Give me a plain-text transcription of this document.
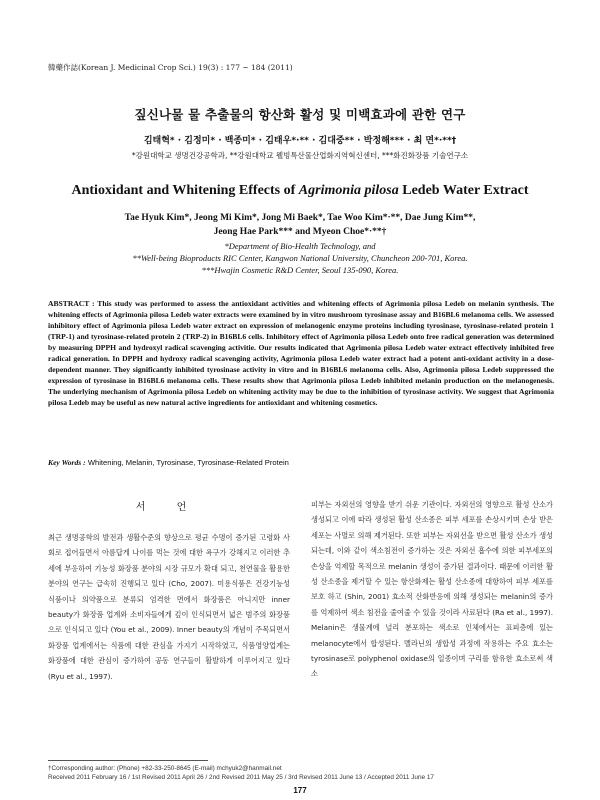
韓藥作誌(Korean J. Medicinal Crop Sci.) 19(3) : 177 ~ 184 (2011)
짚신나물 물 추출물의 항산화 활성 및 미백효과에 관한 연구
김태혁* · 김정미* · 백종미* · 김태우*·** · 김대중** · 박정해*** · 최 면*·**†
*강원대학교 생명건강공학과, **강원대학교 웰빙특산물산업화지역혁신센터, ***화진화장품 기술연구소
Antioxidant and Whitening Effects of Agrimonia pilosa Ledeb Water Extract
Tae Hyuk Kim*, Jeong Mi Kim*, Jong Mi Baek*, Tae Woo Kim*·**, Dae Jung Kim**,
Jeong Hae Park*** and Myeon Choe*·**†
*Department of Bio-Health Technology, and
**Well-being Bioproducts RIC Center, Kangwon National University, Chuncheon 200-701, Korea.
***Hwajin Cosmetic R&D Center, Seoul 135-090, Korea.
ABSTRACT : This study was performed to assess the antioxidant activities and whitening effects of Agrimonia pilosa Ledeb on melanin synthesis. The whitening effects of Agrimonia pilosa Ledeb water extracts were examined by in vitro mushroom tyrosinase assay and B16BL6 melanoma cells. We assessed inhibitory effect of Agrimonia pilosa Ledeb water extract on expression of melanogenic enzyme proteins including tyrosinase, tyrosinase-related protein 1 (TRP-1) and tyrosinase-related protein 2 (TRP-2) in B16BL6 cells. Inhibitory effect of Agrimonia pilosa Ledeb onto free radical generation was determined by measuring DPPH and hydroxyl radical scavenging activitie. Our results indicated that Agrimonia pilosa Ledeb water extract effectively inhibited free radical generation. In DPPH and hydroxy radical scavenging activity, Agrimonia pilosa Ledeb water extract had a potent anti-oxidant activity in a dose-dependent manner. They significantly inhibited tyrosinase activity in vitro and in B16BL6 melanoma cells. Also, Agrimonia pilosa Ledeb suppressed the expression of tyrosinase in B16BL6 melanoma cells. These results show that Agrimonia pilosa Ledeb inhibited melanin production on the melanogenesis. The underlying mechanism of Agrimonia pilosa Ledeb on whitening activity may be due to the inhibition of tyrosinase activity. We suggest that Agrimonia pilosa Ledeb may be useful as new natural active ingredients for antioxidant and whitening cosmetics.
Key Words : Whitening, Melanin, Tyrosinase, Tyrosinase-Related Protein
서 언
최근 생명공학의 발전과 생활수준의 향상으로 평균 수명이 증가된 고령화 사회로 접어들면서 아름답게 나이를 먹는 것에 대한 욕구가 강해지고 이러한 추세에 부응하여 기능성 화장품 분야의 시장 규모가 확대 되고, 천연물을 활용한 분야의 연구는 급속히 진행되고 있다 (Cho, 2007). 미용식품은 건강기능성 식품이나 의약품으로 분류되 엄격한 면에서 화장품은 아니지만 inner beauty가 화장품 업계와 소비자들에게 깊이 인식되면서 넓은 범주의 화장품으로 인식되고 있다 (You et al., 2009). Inner beauty의 개념이 주목되면서 화장품 업계에서는 식품에 대한 관심을 가지기 시작하였고, 식품영양업계는 화장품에 대한 관심이 증가하여 공동 연구들이 활발하게 이루어지고 있다 (Ryu et al., 1997).
피부는 자외선의 영향을 받기 쉬운 기관이다. 자외선의 영향으로 활성 산소가 생성되고 이에 따라 생성된 활성 산소종은 피부 세포를 손상시키며 손상 받은 세포는 사멸로 의해 제거된다. 또한 피부는 자외선을 받으면 활성 산소가 생성되는데, 이와 같이 색소침전이 증가하는 것은 자외선 흡수에 의한 피부세포의 손상을 억제할 목적으로 melanin 생성이 증가된 결과이다. 때문에 이러한 활성 산소종을 제거할 수 있는 항산화제는 활성 산소종에 대항하여 피부 세포를 보호 하고 (Shin, 2001) 효소적 산화반응에 의해 생성되는 melanin의 증가를 억제하여 색소 침전을 줄여줄 수 있을 것이라 사료된다 (Ra et al., 1997). Melanin은 생물계에 널리 분포하는 색소로 인체에서는 표피층에 있는 melanocyte에서 합성된다. 멜라닌의 생합성 과정에 작용하는 주요 효소는 tyrosinase로 polyphenol oxidase의 일종이며 구리를 함유한 효소로써 색소
†Corresponding author: (Phone) +82-33-250-8645 (E-mail) mchyuk2@hanmail.net
Received 2011 February 16 / 1st Revised 2011 April 26 / 2nd Revised 2011 May 25 / 3rd Revised 2011 June 13 / Accepted 2011 June 17
177
